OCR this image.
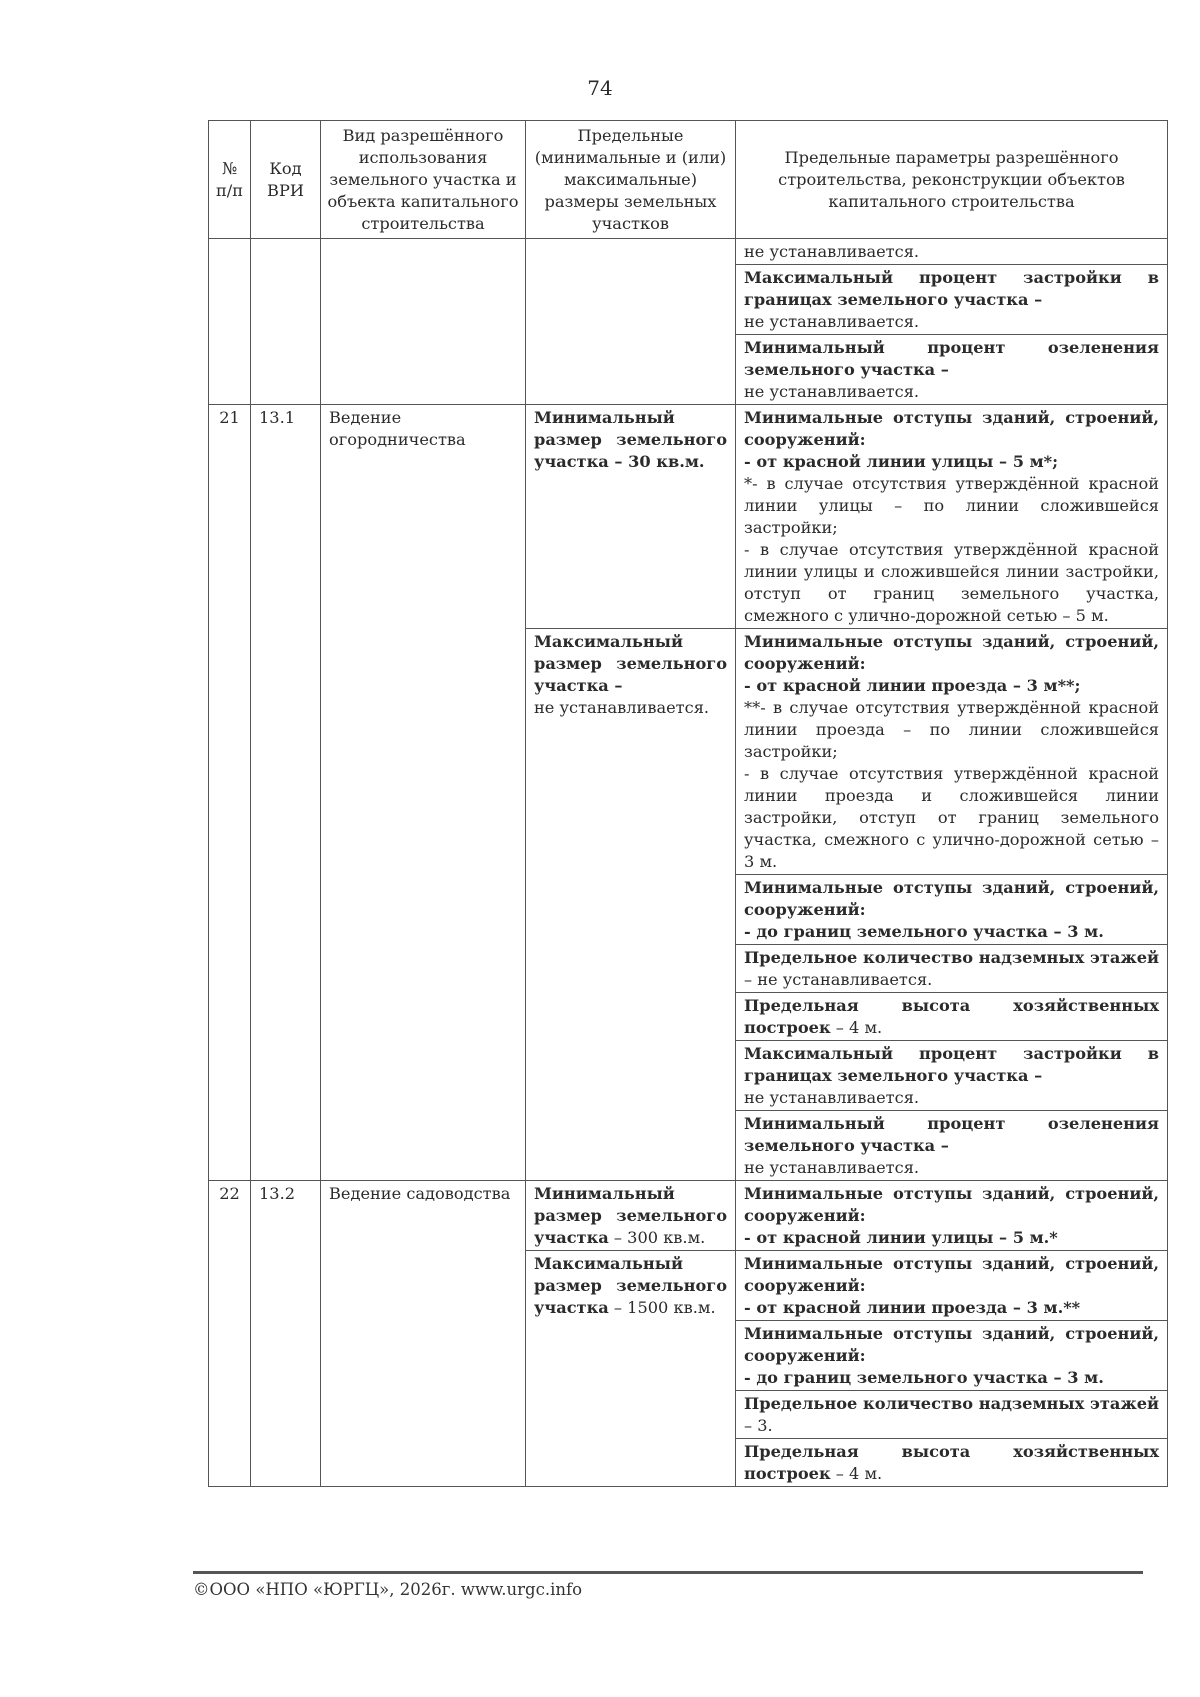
74
№ п/п	Код ВРИ	Вид разрешённого использования земельного участка и объекта капитального строительства	Предельные (минимальные и (или) максимальные) размеры земельных участков	Предельные параметры разрешённого строительства, реконструкции объектов капитального строительства
				не устанавливается.
				Максимальный процент застройки в границах земельного участка –
не устанавливается.
				Минимальный процент озеленения земельного участка –
не устанавливается.
21	13.1	Ведение огородничества	Минимальный размер земельного участка – 30 кв.м.	Минимальные отступы зданий, строений, сооружений:
- от красной линии улицы – 5 м*;
*- в случае отсутствия утверждённой красной линии улицы – по линии сложившейся застройки;
- в случае отсутствия утверждённой красной линии улицы и сложившейся линии застройки, отступ от границ земельного участка, смежного с улично-дорожной сетью – 5 м.
			Максимальный размер земельного участка –
не устанавливается.	Минимальные отступы зданий, строений, сооружений:
- от красной линии проезда – 3 м**;
**- в случае отсутствия утверждённой красной линии проезда – по линии сложившейся застройки;
- в случае отсутствия утверждённой красной линии проезда и сложившейся линии застройки, отступ от границ земельного участка, смежного с улично-дорожной сетью – 3 м.
				Минимальные отступы зданий, строений, сооружений:
- до границ земельного участка – 3 м.
				Предельное количество надземных этажей – не устанавливается.
				Предельная высота хозяйственных построек – 4 м.
				Максимальный процент застройки в границах земельного участка –
не устанавливается.
				Минимальный процент озеленения земельного участка –
не устанавливается.
22	13.2	Ведение садоводства	Минимальный размер земельного участка – 300 кв.м.	Минимальные отступы зданий, строений, сооружений:
- от красной линии улицы – 5 м.*
			Максимальный размер земельного участка – 1500 кв.м.	Минимальные отступы зданий, строений, сооружений:
- от красной линии проезда – 3 м.**
				Минимальные отступы зданий, строений, сооружений:
- до границ земельного участка – 3 м.
				Предельное количество надземных этажей – 3.
				Предельная высота хозяйственных построек – 4 м.
©ООО «НПО «ЮРГЦ», 2026г. www.urgc.info
